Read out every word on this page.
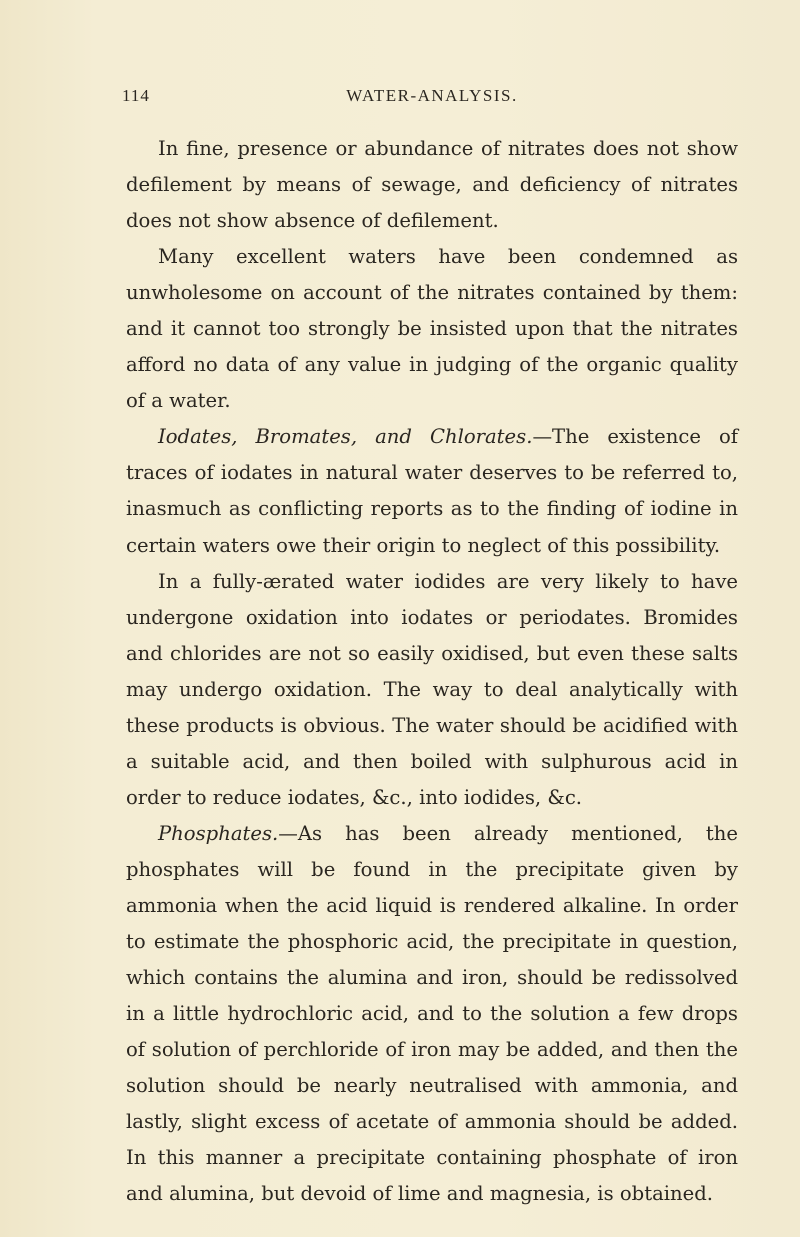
114	WATER-ANALYSIS.

In fine, presence or abundance of nitrates does not show defilement by means of sewage, and deficiency of nitrates does not show absence of defilement.

Many excellent waters have been condemned as unwholesome on account of the nitrates contained by them: and it cannot too strongly be insisted upon that the nitrates afford no data of any value in judging of the organic quality of a water.

Iodates, Bromates, and Chlorates.—The existence of traces of iodates in natural water deserves to be referred to, inasmuch as conflicting reports as to the finding of iodine in certain waters owe their origin to neglect of this possibility.

In a fully-ærated water iodides are very likely to have undergone oxidation into iodates or periodates. Bromides and chlorides are not so easily oxidised, but even these salts may undergo oxidation. The way to deal analytically with these products is obvious. The water should be acidified with a suitable acid, and then boiled with sulphurous acid in order to reduce iodates, &c., into iodides, &c.

Phosphates.—As has been already mentioned, the phosphates will be found in the precipitate given by ammonia when the acid liquid is rendered alkaline. In order to estimate the phosphoric acid, the precipitate in question, which contains the alumina and iron, should be redissolved in a little hydrochloric acid, and to the solution a few drops of solution of perchloride of iron may be added, and then the solution should be nearly neutralised with ammonia, and lastly, slight excess of acetate of ammonia should be added. In this manner a precipitate containing phosphate of iron and alumina, but devoid of lime and magnesia, is obtained.
